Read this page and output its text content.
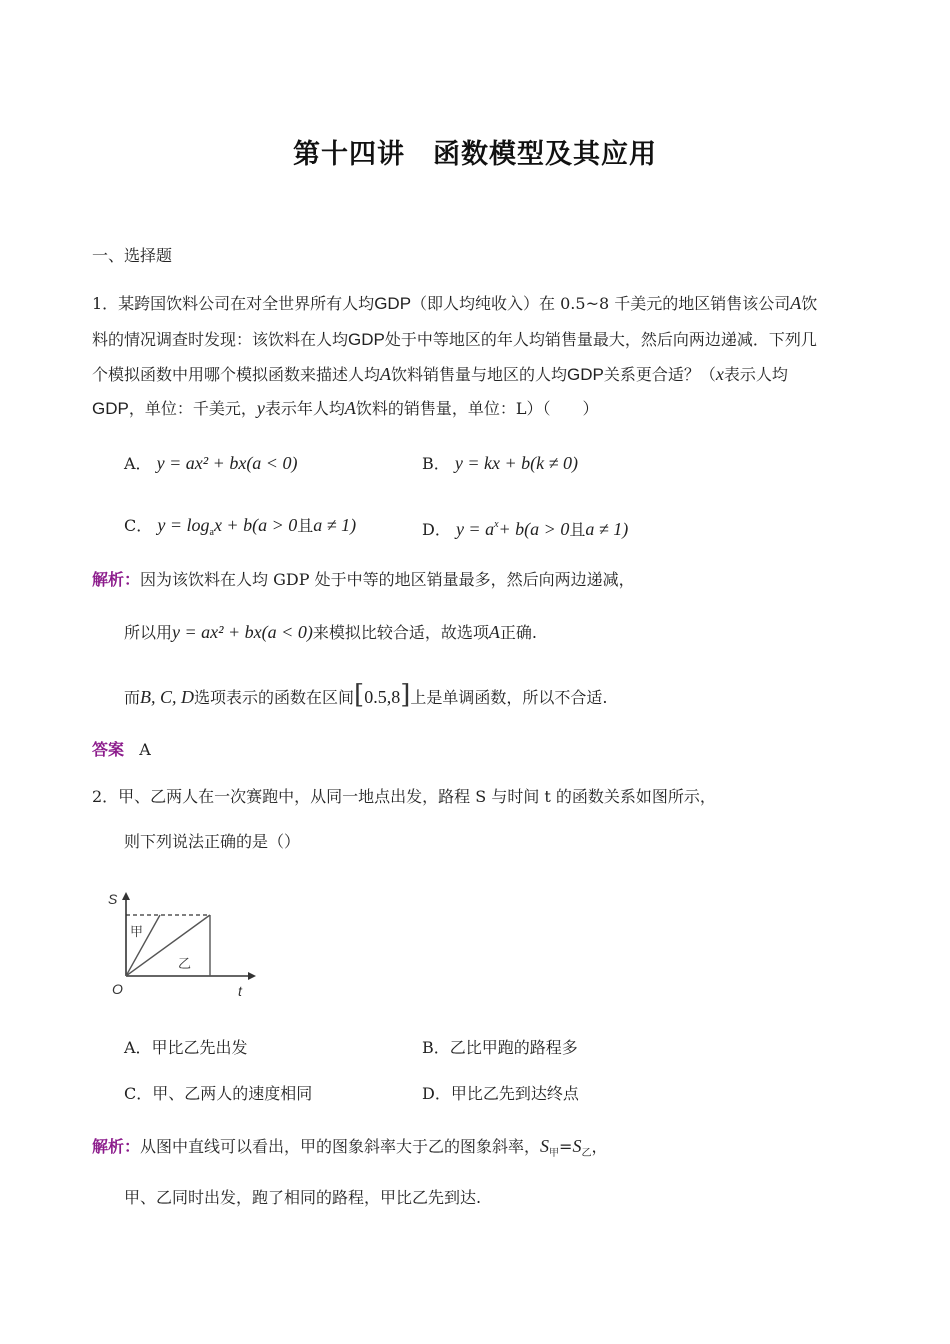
第十四讲　函数模型及其应用
一、选择题
1．某跨国饮料公司在对全世界所有人均GDP（即人均纯收入）在 0.5~8 千美元的地区销售该公司A饮
料的情况调查时发现：该饮料在人均GDP处于中等地区的年人均销售量最大，然后向两边递减．下列几
个模拟函数中用哪个模拟函数来描述人均A饮料销售量与地区的人均GDP关系更合适？（x表示人均
GDP，单位：千美元，y表示年人均A饮料的销售量，单位：L）（　　）
A． y = ax² + bx(a < 0)	B． y = kx + b(k ≠ 0)
C． $y = \log_ax + b(a > 0$且a ≠ 1)	D． $y = a^x+ b(a > 0$且a ≠ 1)
解析：因为该饮料在人均 GDP 处于中等的地区销量最多，然后向两边递减，
所以用y = ax² + bx(a < 0)来模拟比较合适，故选项A正确.
而B, C, D选项表示的函数在区间[0.5,8]上是单调函数，所以不合适.
答案 A
2．甲、乙两人在一次赛跑中，从同一地点出发，路程 S 与时间 t 的函数关系如图所示，
则下列说法正确的是（）
S
t
O
甲
乙
A．甲比乙先出发	B．乙比甲跑的路程多
C．甲、乙两人的速度相同	D．甲比乙先到达终点
解析：从图中直线可以看出，甲的图象斜率大于乙的图象斜率，$S_甲=S_乙$，
甲、乙同时出发，跑了相同的路程，甲比乙先到达.
